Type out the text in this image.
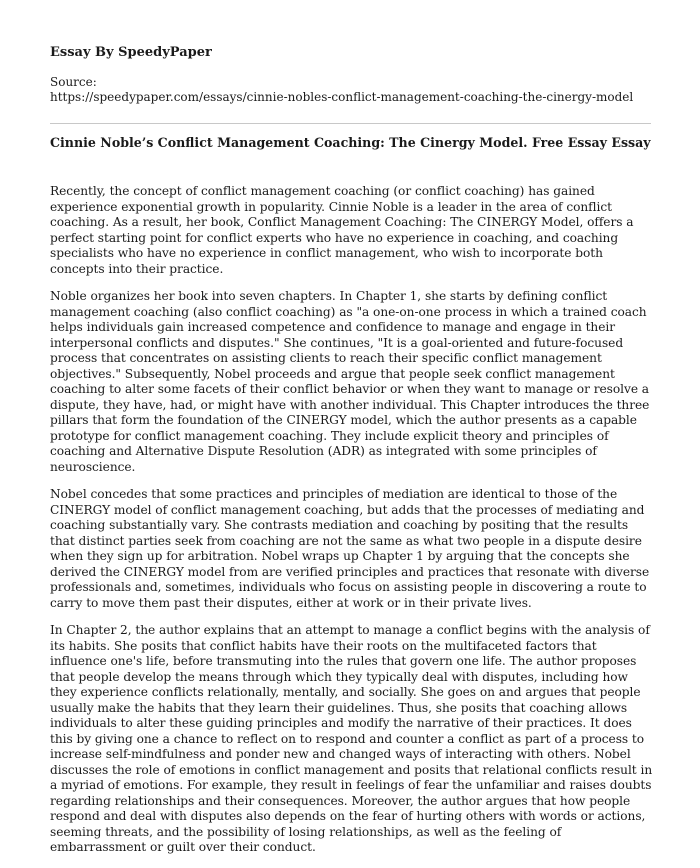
Essay By SpeedyPaper
Source:
https://speedypaper.com/essays/cinnie-nobles-conflict-management-coaching-the-cinergy-model
Cinnie Noble’s Conflict Management Coaching: The Cinergy Model. Free Essay Essay

Recently, the concept of conflict management coaching (or conflict coaching) has gained experience exponential growth in popularity. Cinnie Noble is a leader in the area of conflict coaching. As a result, her book, Conflict Management Coaching: The CINERGY Model, offers a perfect starting point for conflict experts who have no experience in coaching, and coaching specialists who have no experience in conflict management, who wish to incorporate both concepts into their practice.

Noble organizes her book into seven chapters. In Chapter 1, she starts by defining conflict management coaching (also conflict coaching) as "a one-on-one process in which a trained coach helps individuals gain increased competence and confidence to manage and engage in their interpersonal conflicts and disputes." She continues, "It is a goal-oriented and future-focused process that concentrates on assisting clients to reach their specific conflict management objectives." Subsequently, Nobel proceeds and argue that people seek conflict management coaching to alter some facets of their conflict behavior or when they want to manage or resolve a dispute, they have, had, or might have with another individual. This Chapter introduces the three pillars that form the foundation of the CINERGY model, which the author presents as a capable prototype for conflict management coaching. They include explicit theory and principles of coaching and Alternative Dispute Resolution (ADR) as integrated with some principles of neuroscience.

Nobel concedes that some practices and principles of mediation are identical to those of the CINERGY model of conflict management coaching, but adds that the processes of mediating and coaching substantially vary. She contrasts mediation and coaching by positing that the results that distinct parties seek from coaching are not the same as what two people in a dispute desire when they sign up for arbitration. Nobel wraps up Chapter 1 by arguing that the concepts she derived the CINERGY model from are verified principles and practices that resonate with diverse professionals and, sometimes, individuals who focus on assisting people in discovering a route to carry to move them past their disputes, either at work or in their private lives.

In Chapter 2, the author explains that an attempt to manage a conflict begins with the analysis of its habits. She posits that conflict habits have their roots on the multifaceted factors that influence one's life, before transmuting into the rules that govern one life. The author proposes that people develop the means through which they typically deal with disputes, including how they experience conflicts relationally, mentally, and socially. She goes on and argues that people usually make the habits that they learn their guidelines. Thus, she posits that coaching allows individuals to alter these guiding principles and modify the narrative of their practices. It does this by giving one a chance to reflect on to respond and counter a conflict as part of a process to increase self-mindfulness and ponder new and changed ways of interacting with others. Nobel discusses the role of emotions in conflict management and posits that relational conflicts result in a myriad of emotions. For example, they result in feelings of fear the unfamiliar and raises doubts regarding relationships and their consequences. Moreover, the author argues that how people respond and deal with disputes also depends on the fear of hurting others with words or actions, seeming threats, and the possibility of losing relationships, as well as the feeling of embarrassment or guilt over their conduct.
